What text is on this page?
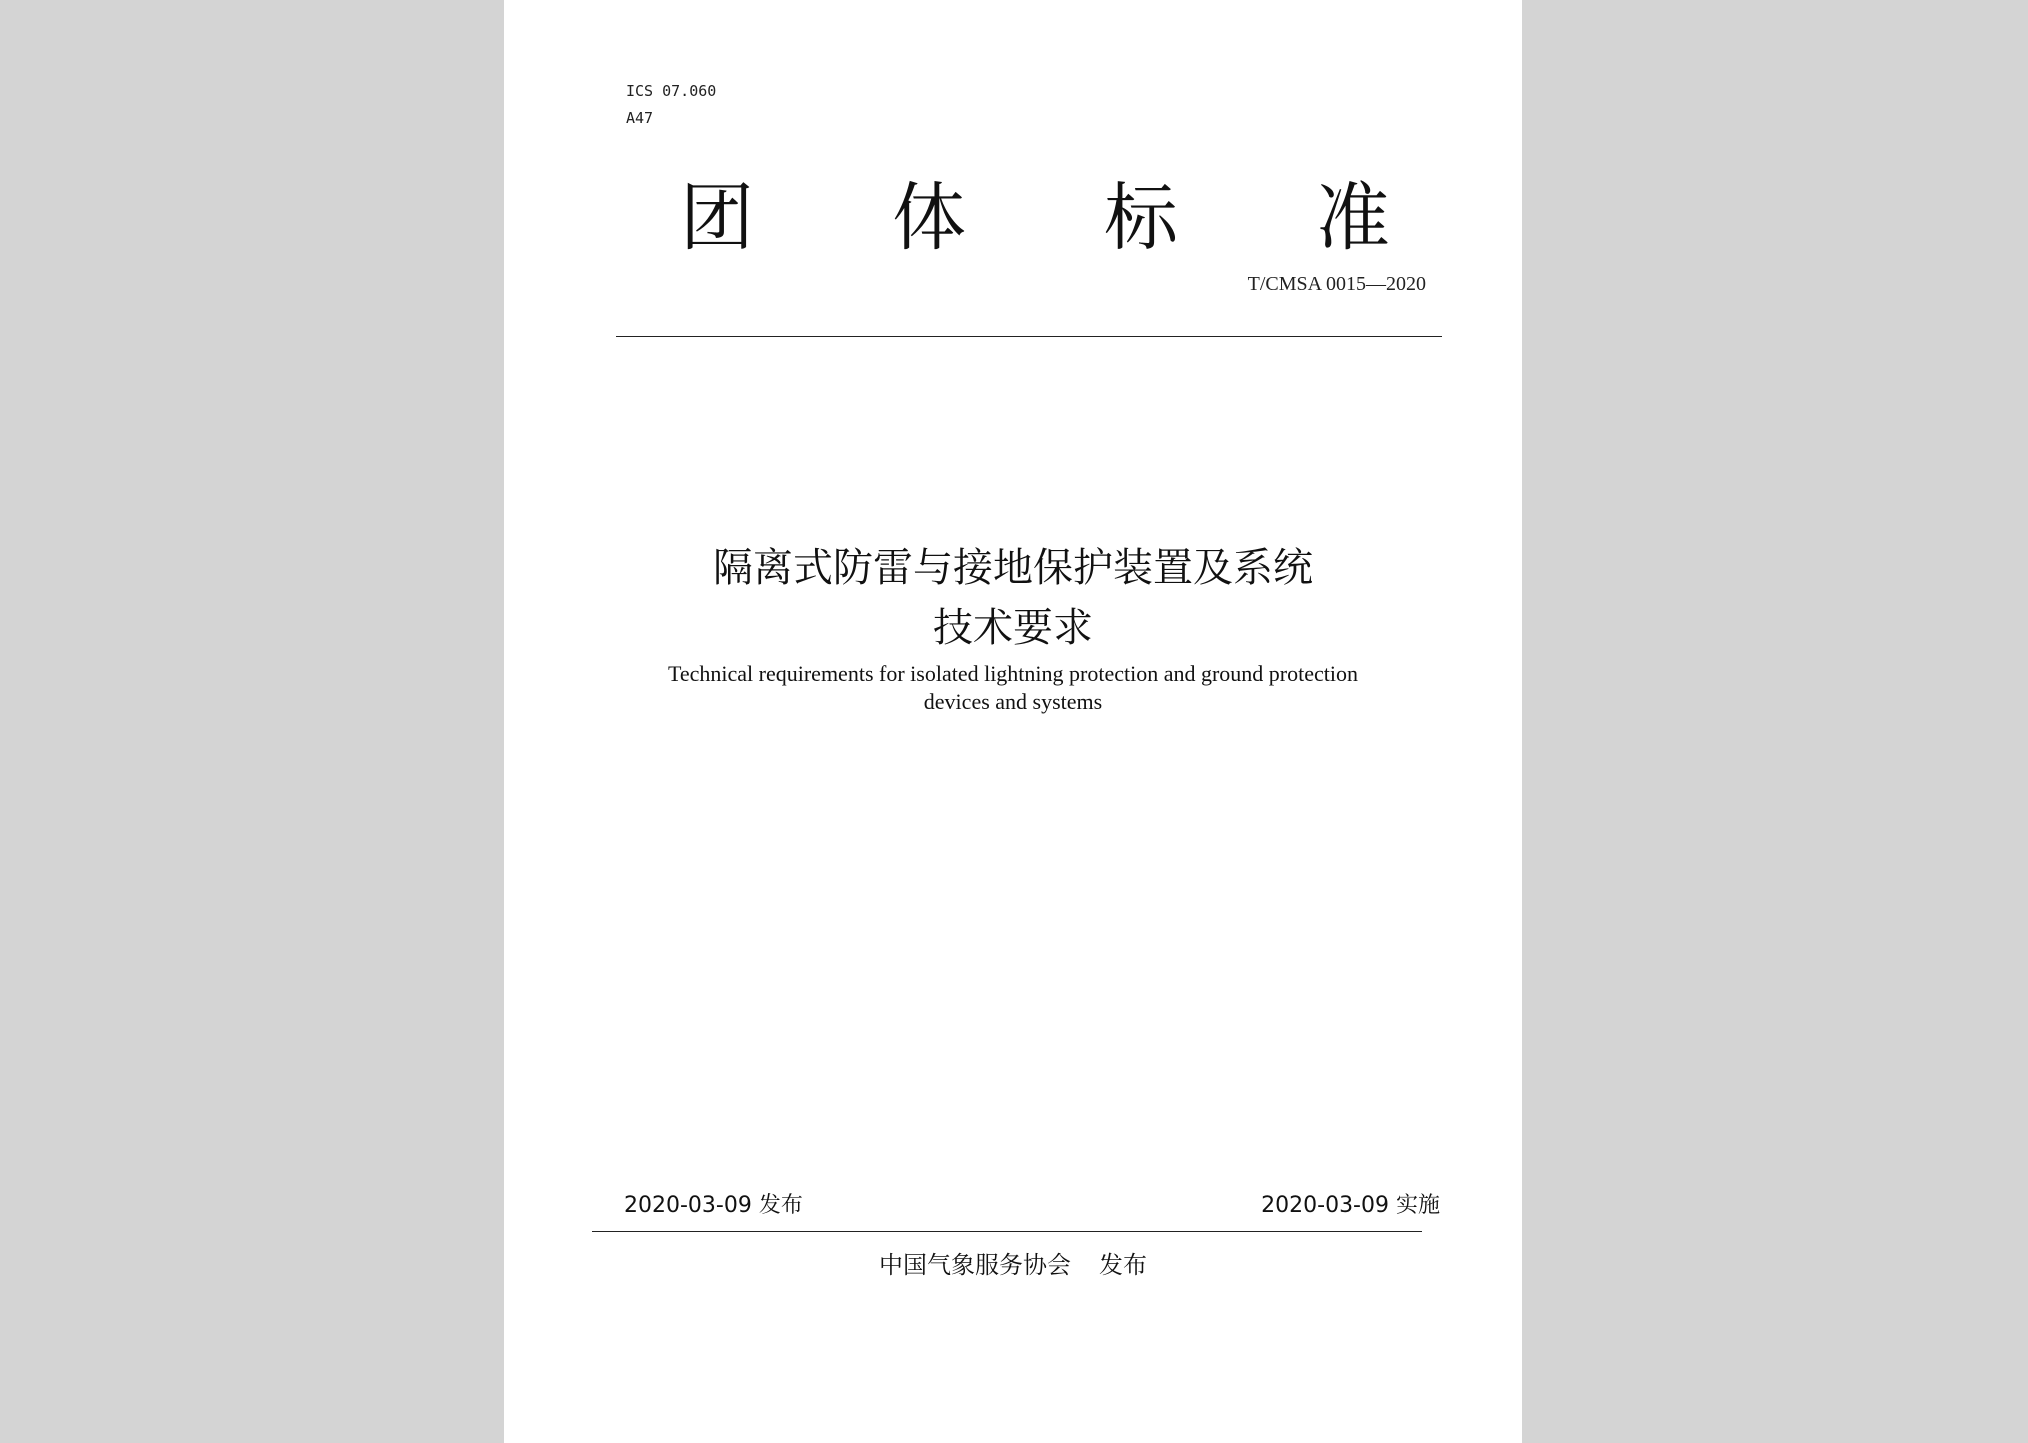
ICS 07.060
A47
团 体 标 准
T/CMSA 0015—2020
隔离式防雷与接地保护装置及系统
技术要求
Technical requirements for isolated lightning protection and ground protection
devices and systems
2020-03-09 发布	2020-03-09 实施
中国气象服务协会 发布
